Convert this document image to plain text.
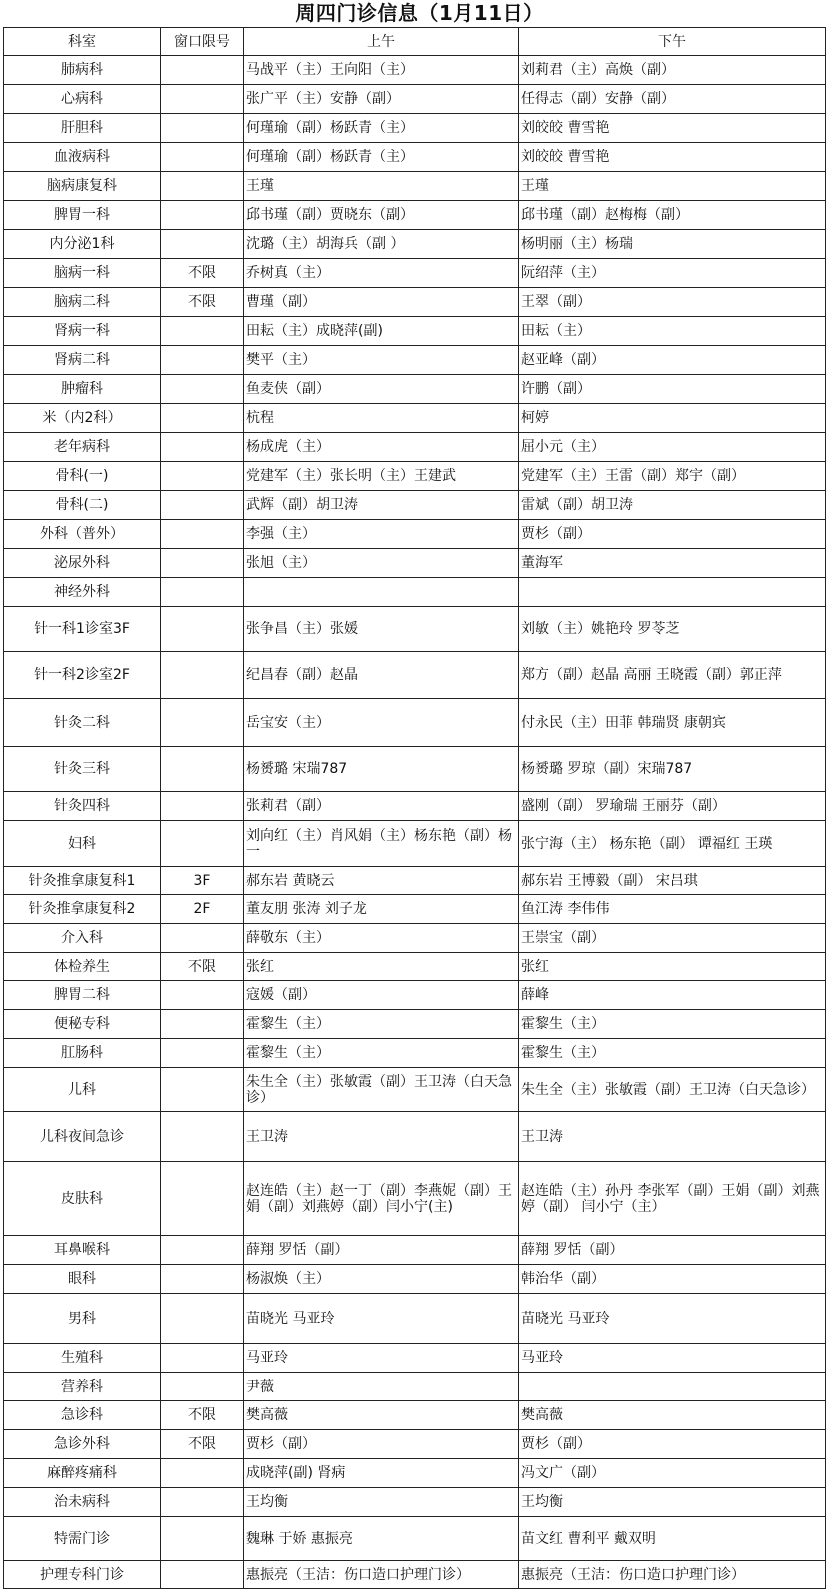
周四门诊信息（1月11日）
科室	窗口限号	上午	下午
肺病科		马战平（主）王向阳（主）	刘莉君（主）高焕（副）
心病科		张广平（主）安静（副）	任得志（副）安静（副）
肝胆科		何瑾瑜（副）杨跃青（主）	刘皎皎 曹雪艳
血液病科		何瑾瑜（副）杨跃青（主）	刘皎皎 曹雪艳
脑病康复科		王瑾	王瑾
脾胃一科		邱书瑾（副）贾晓东（副）	邱书瑾（副）赵梅梅（副）
内分泌1科		沈璐（主）胡海兵（副 ）	杨明丽（主）杨瑞
脑病一科	不限	乔树真（主）	阮绍萍（主）
脑病二科	不限	曹瑾（副）	王翠（副）
肾病一科		田耘（主）成晓萍(副)	田耘（主）
肾病二科		樊平（主）	赵亚峰（副）
肿瘤科		鱼麦侠（副）	许鹏（副）
米（内2科）		杭程	柯婷
老年病科		杨成虎（主）	屈小元（主）
骨科(一)		党建军（主）张长明（主）王建武	党建军（主）王雷（副）郑宇（副）
骨科(二)		武辉（副）胡卫涛	雷斌（副）胡卫涛
外科（普外）		李强（主）	贾杉（副）
泌尿外科		张旭（主）	董海军
神经外科			
针一科1诊室3F		张争昌（主）张媛	刘敏（主）姚艳玲 罗苓芝
针一科2诊室2F		纪昌春（副）赵晶	郑方（副）赵晶 高丽 王晓霞（副）郭正萍
针灸二科		岳宝安（主）	付永民（主）田菲 韩瑞贤 康朝宾
针灸三科		杨赟璐 宋瑞787	杨赟璐 罗琼（副）宋瑞787
针灸四科		张莉君（副）	盛刚（副） 罗瑜瑞 王丽芬（副）
妇科		刘向红（主）肖风娟（主）杨东艳（副）杨一	张宁海（主） 杨东艳（副） 谭福红 王瑛
针灸推拿康复科1	3F	郝东岩 黄晓云	郝东岩 王博毅（副） 宋吕琪
针灸推拿康复科2	2F	董友朋 张涛 刘子龙	鱼江涛 李伟伟
介入科		薛敬东（主）	王崇宝（副）
体检养生	不限	张红	张红
脾胃二科		寇媛（副）	薛峰
便秘专科		霍黎生（主）	霍黎生（主）
肛肠科		霍黎生（主）	霍黎生（主）
儿科		朱生全（主）张敏霞（副）王卫涛（白天急诊）	朱生全（主）张敏霞（副）王卫涛（白天急诊）
儿科夜间急诊		王卫涛	王卫涛
皮肤科		赵连皓（主）赵一丁（副）李燕妮（副）王娟（副）刘燕婷（副）闫小宁(主)	赵连皓（主）孙丹 李张军（副）王娟（副）刘燕婷（副） 闫小宁（主）
耳鼻喉科		薛翔 罗恬（副）	薛翔 罗恬（副）
眼科		杨淑焕（主）	韩治华（副）
男科		苗晓光 马亚玲	苗晓光 马亚玲
生殖科		马亚玲	马亚玲
营养科		尹薇	
急诊科	不限	樊高薇	樊高薇
急诊外科	不限	贾杉（副）	贾杉（副）
麻醉疼痛科		成晓萍(副) 肾病	冯文广（副）
治未病科		王均衡	王均衡
特需门诊		魏琳 于娇 惠振亮	苗文红 曹利平 戴双明
护理专科门诊		惠振亮（王洁：伤口造口护理门诊）	惠振亮（王洁：伤口造口护理门诊）
